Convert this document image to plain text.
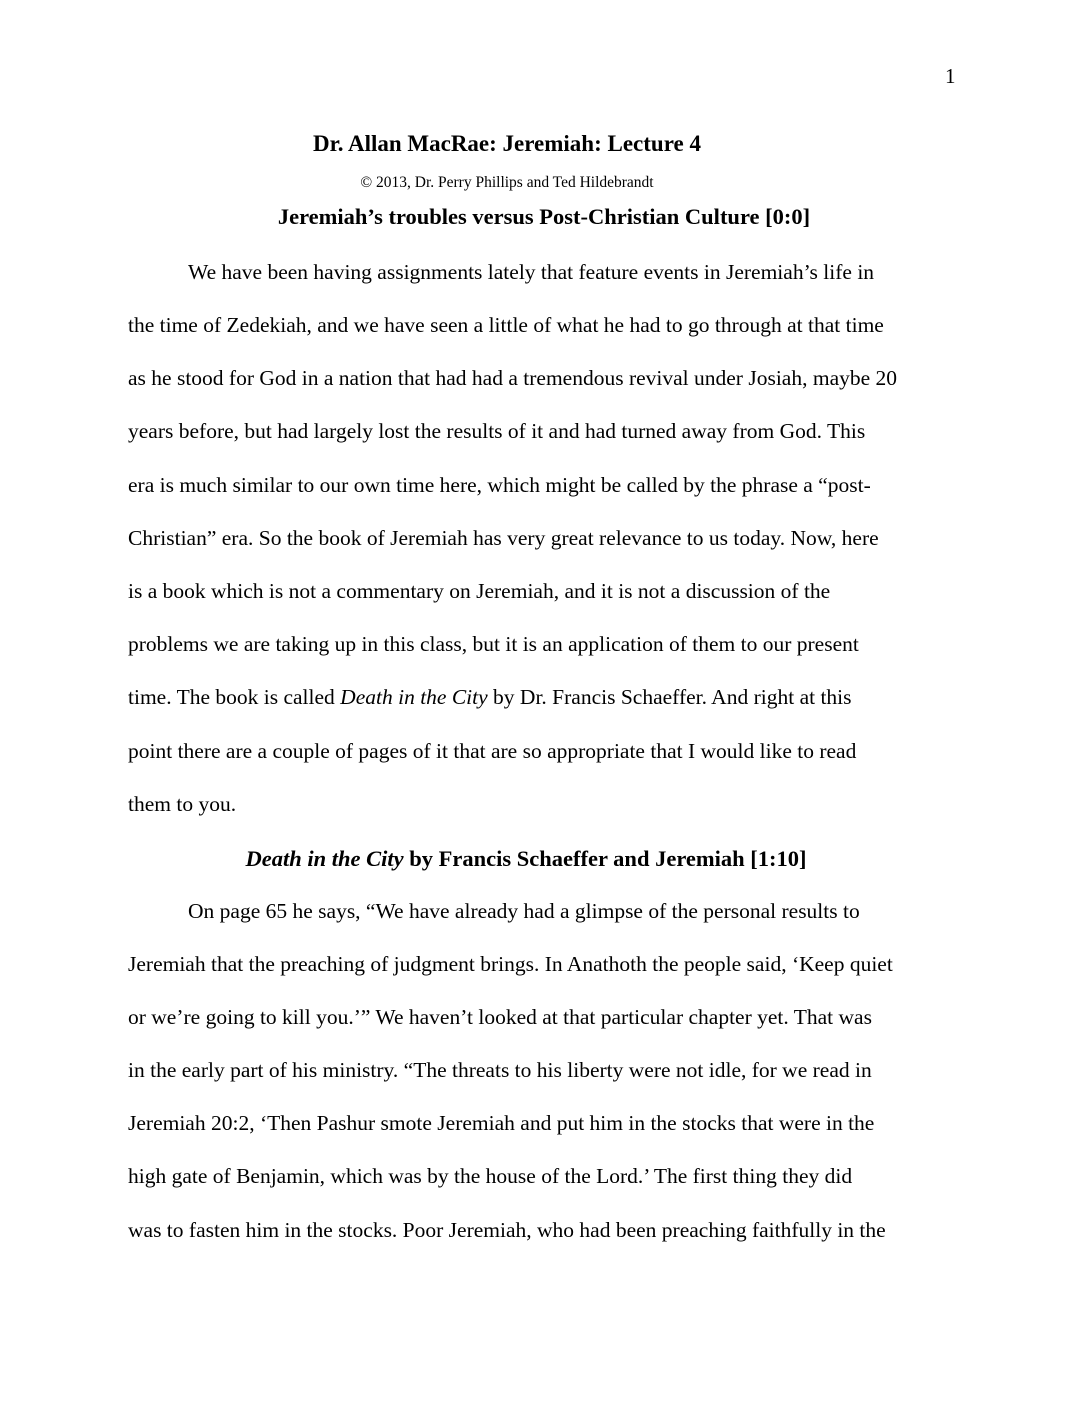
1
Dr. Allan MacRae: Jeremiah: Lecture 4
© 2013, Dr. Perry Phillips and Ted Hildebrandt
Jeremiah’s troubles versus Post-Christian Culture [0:0]
We have been having assignments lately that feature events in Jeremiah’s life in
the time of Zedekiah, and we have seen a little of what he had to go through at that time
as he stood for God in a nation that had had a tremendous revival under Josiah, maybe 20
years before, but had largely lost the results of it and had turned away from God. This
era is much similar to our own time here, which might be called by the phrase a “post-
Christian” era. So the book of Jeremiah has very great relevance to us today. Now, here
is a book which is not a commentary on Jeremiah, and it is not a discussion of the
problems we are taking up in this class, but it is an application of them to our present
time. The book is called Death in the City by Dr. Francis Schaeffer. And right at this
point there are a couple of pages of it that are so appropriate that I would like to read
them to you.
Death in the City by Francis Schaeffer and Jeremiah [1:10]
On page 65 he says, “We have already had a glimpse of the personal results to
Jeremiah that the preaching of judgment brings. In Anathoth the people said, ‘Keep quiet
or we’re going to kill you.’” We haven’t looked at that particular chapter yet. That was
in the early part of his ministry. “The threats to his liberty were not idle, for we read in
Jeremiah 20:2, ‘Then Pashur smote Jeremiah and put him in the stocks that were in the
high gate of Benjamin, which was by the house of the Lord.’ The first thing they did
was to fasten him in the stocks. Poor Jeremiah, who had been preaching faithfully in the
